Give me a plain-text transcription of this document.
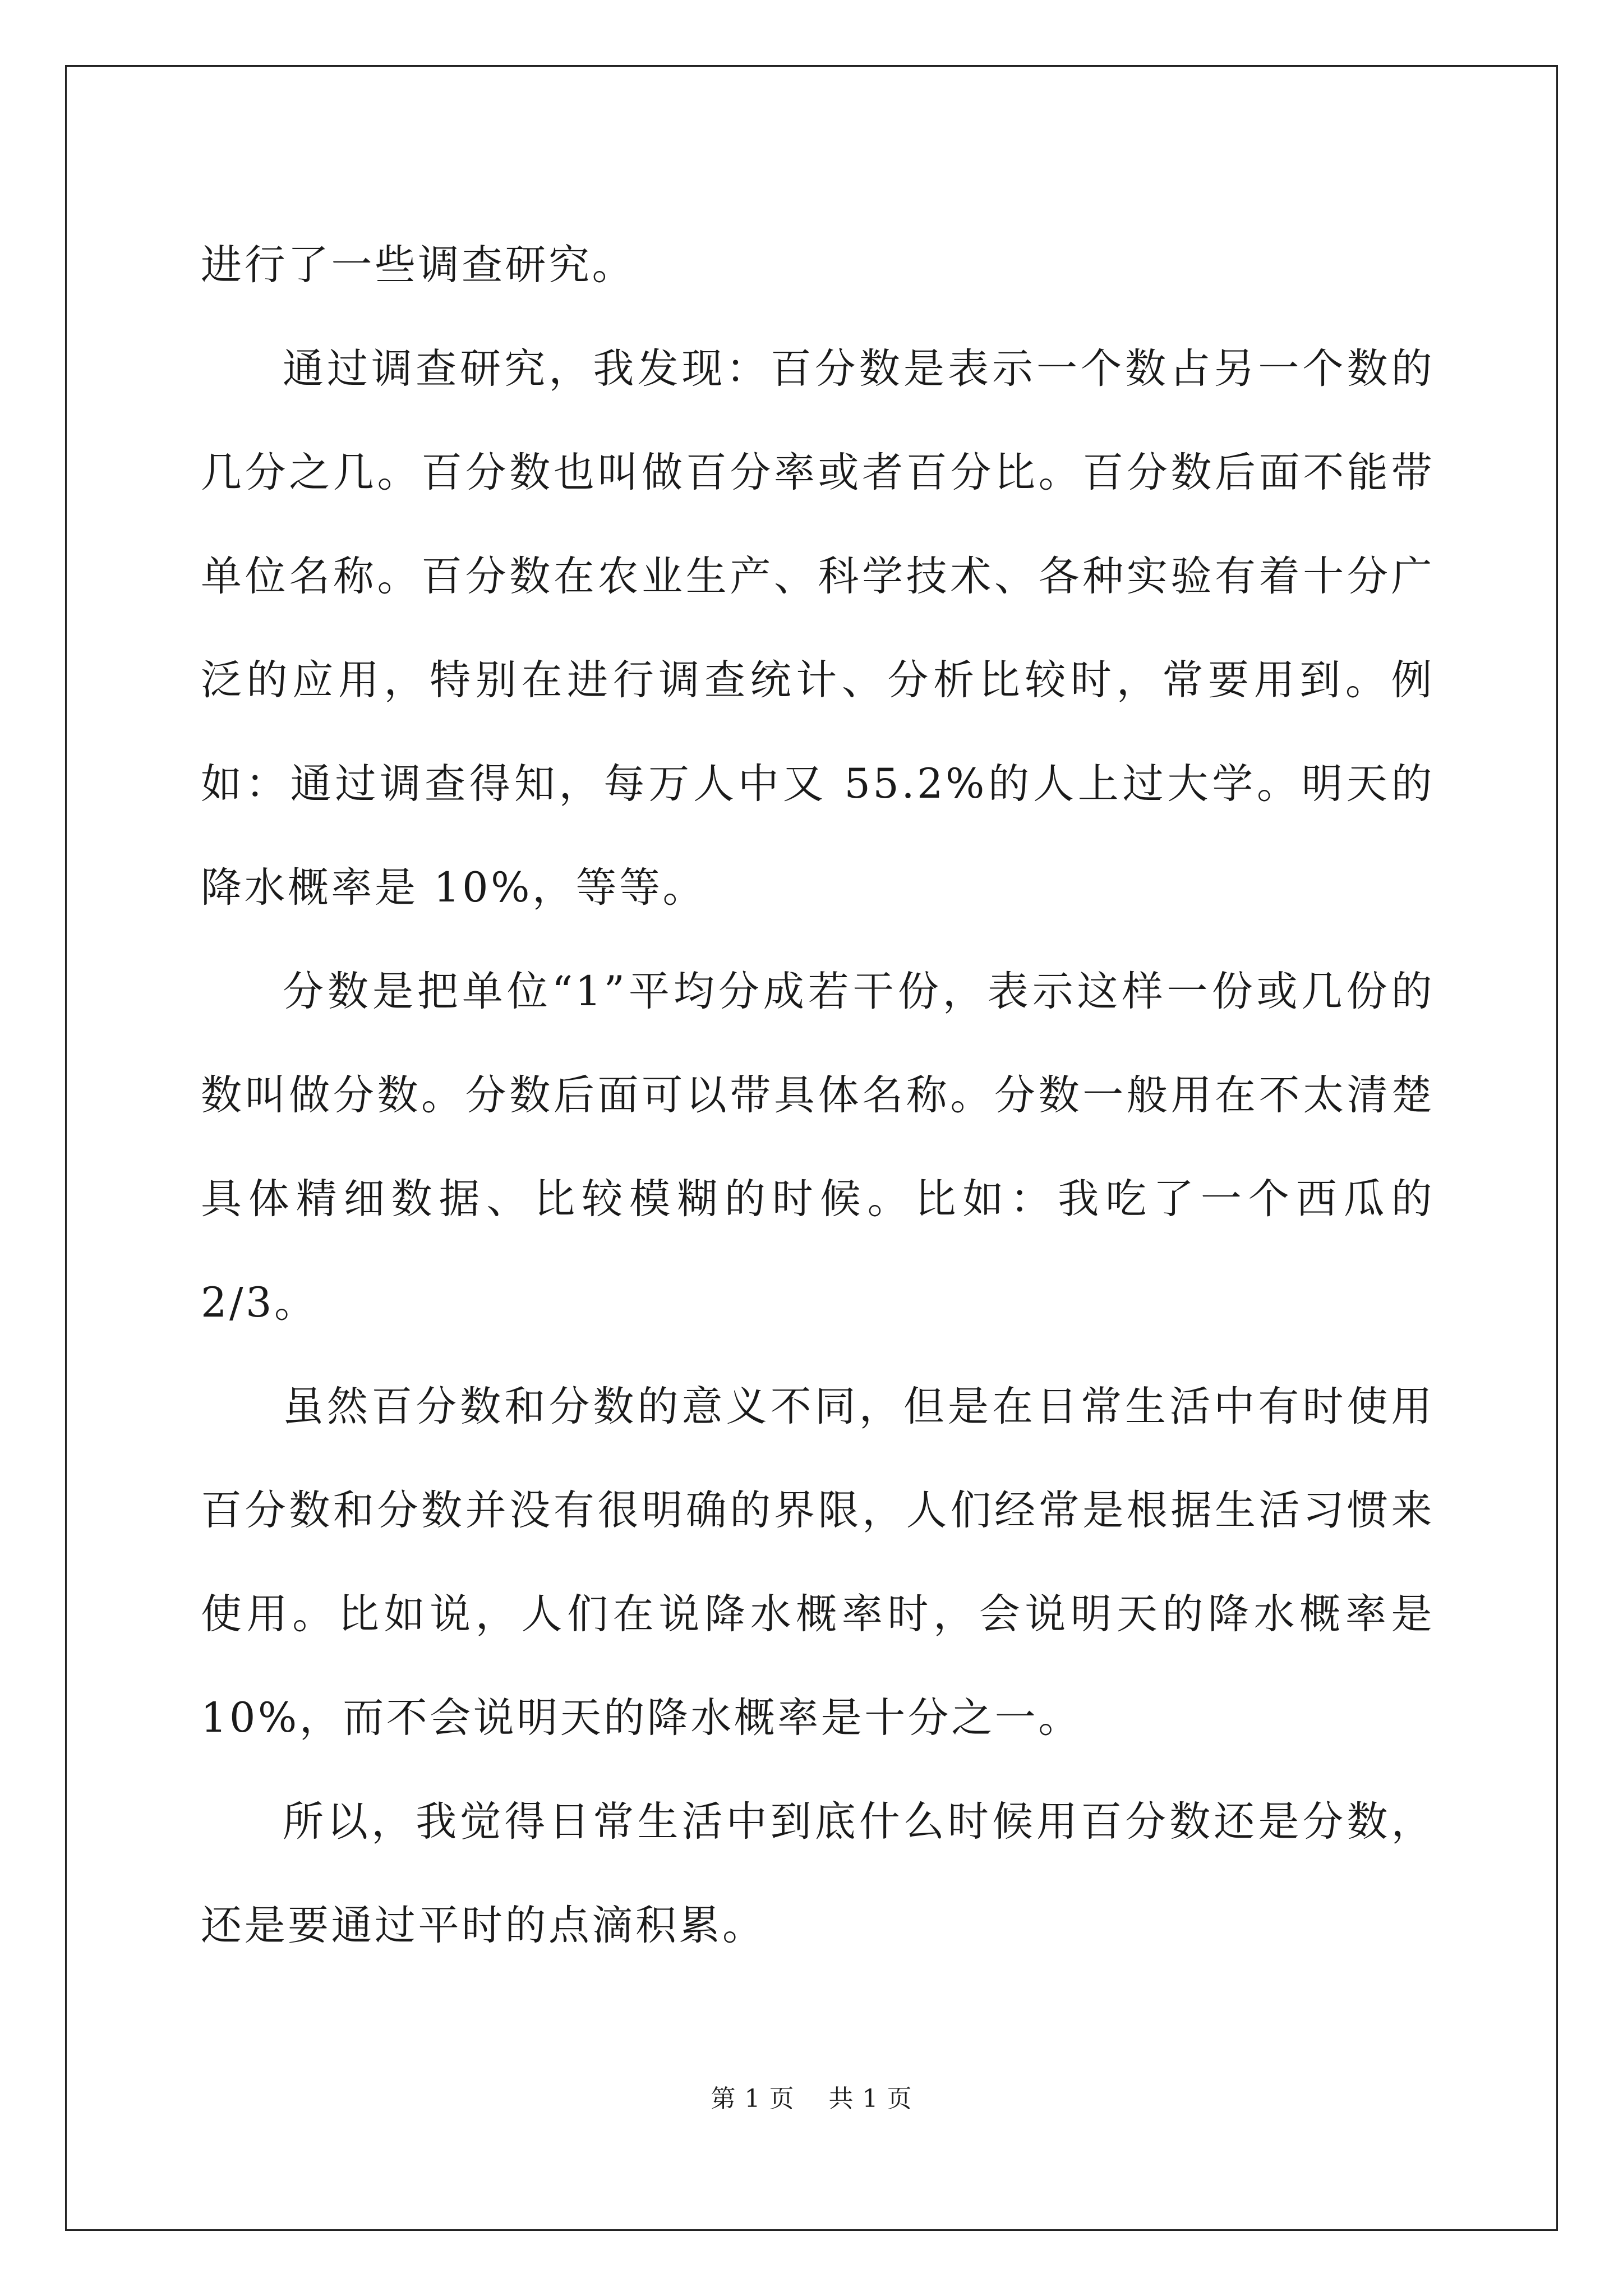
进行了一些调查研究。

通过调查研究，我发现：百分数是表示一个数占另一个数的几分之几。百分数也叫做百分率或者百分比。百分数后面不能带单位名称。百分数在农业生产、科学技术、各种实验有着十分广泛的应用，特别在进行调查统计、分析比较时，常要用到。例如：通过调查得知，每万人中又 55.2%的人上过大学。明天的降水概率是 10%，等等。

分数是把单位“1”平均分成若干份，表示这样一份或几份的数叫做分数。分数后面可以带具体名称。分数一般用在不太清楚具体精细数据、比较模糊的时候。比如：我吃了一个西瓜的 2/3。

虽然百分数和分数的意义不同，但是在日常生活中有时使用百分数和分数并没有很明确的界限，人们经常是根据生活习惯来使用。比如说，人们在说降水概率时，会说明天的降水概率是 10%，而不会说明天的降水概率是十分之一。

所以，我觉得日常生活中到底什么时候用百分数还是分数，还是要通过平时的点滴积累。

第 1 页 共 1 页
